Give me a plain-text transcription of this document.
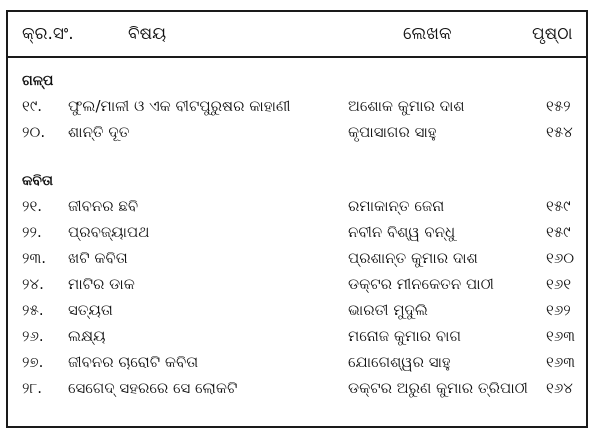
କ୍ର.ସଂ.	ବିଷୟ	ଲେଖକ	ପୃଷ୍ଠା
ଗଳ୍ପ
୧୯. ଫୁଲ/ମାଳୀ ଓ ଏକ ବୀଟପୁରୁଷର କାହାଣୀ	ଅଶୋକ କୁମାର ଦାଶ	୧୫୨
୨୦. ଶାନ୍ତି ଦୂତ	କୃପାସାଗର ସାହୁ	୧୫୪
କବିତା
୨୧. ଜୀବନର ଛବି	ରମାକାନ୍ତ ଜେନା	୧୫୯
୨୨. ପ୍ରବଜ୍ୟାପଥ	ନବୀନ ବିଶ୍ୱ ବନ୍ଧୁ	୧୫୯
୨୩. ଖଟି କବିତା	ପ୍ରଶାନ୍ତ କୁମାର ଦାଶ	୧୬୦
୨୪. ମାଟିର ଡାକ	ଡକ୍ଟର ମୀନକେତନ ପାଠୀ	୧୬୧
୨୫. ସତ୍ୟତା	ଭାରତୀ ମୁଦୁଲି	୧୬୨
୨୬. ଲକ୍ଷ୍ୟ	ମନୋଜ କୁମାର ବାଗ	୧୬୩
୨୭. ଜୀବନର ଚାରୋଟି କବିତା	ଯୋଗେଶ୍ୱର ସାହୁ	୧୬୩
୨୮. ସେଗେଦ୍ ସହରରେ ସେ ଲୋକଟି	ଡକ୍ଟର ଅରୁଣ କୁମାର ତ୍ରିପାଠୀ ୧୬୪
